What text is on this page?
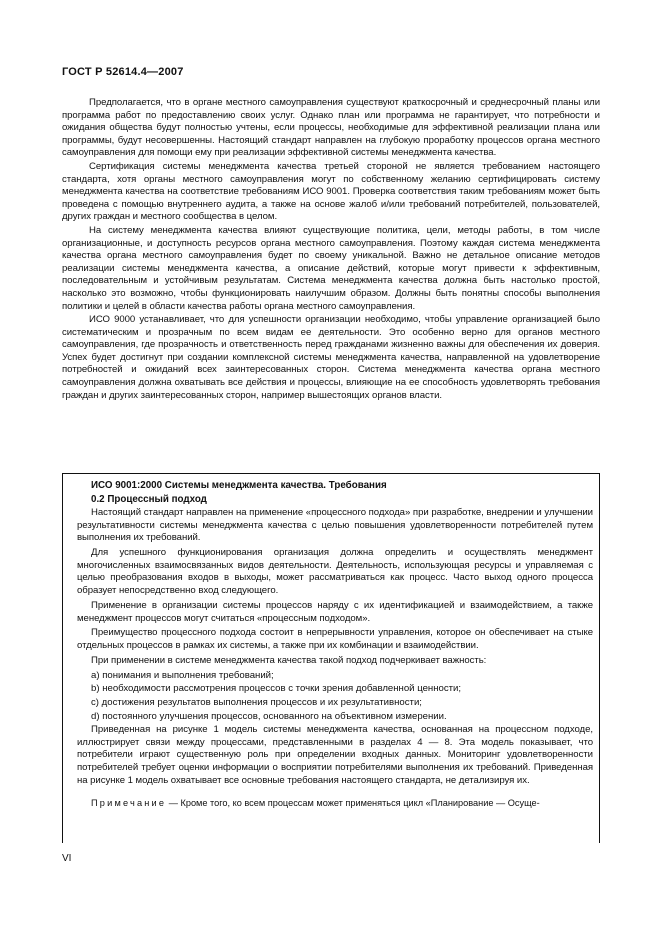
ГОСТ Р 52614.4—2007

Предполагается, что в органе местного самоуправления существуют краткосрочный и среднесрочный планы или программа работ по предоставлению своих услуг. Однако план или программа не гарантирует, что потребности и ожидания общества будут полностью учтены, если процессы, необходимые для эффективной реализации плана или программы, будут несовершенны. Настоящий стандарт направлен на глубокую проработку процессов органа местного самоуправления для помощи ему при реализации эффективной системы менеджмента качества.

Сертификация системы менеджмента качества третьей стороной не является требованием настоящего стандарта, хотя органы местного самоуправления могут по собственному желанию сертифицировать систему менеджмента качества на соответствие требованиям ИСО 9001. Проверка соответствия таким требованиям может быть проведена с помощью внутреннего аудита, а также на основе жалоб и/или требований потребителей, пользователей, других граждан и местного сообщества в целом.

На систему менеджмента качества влияют существующие политика, цели, методы работы, в том числе организационные, и доступность ресурсов органа местного самоуправления. Поэтому каждая система менеджмента качества органа местного самоуправления будет по своему уникальной. Важно не детальное описание методов реализации системы менеджмента качества, а описание действий, которые могут привести к эффективным, последовательным и устойчивым результатам. Система менеджмента качества должна быть настолько простой, насколько это возможно, чтобы функционировать наилучшим образом. Должны быть понятны способы выполнения политики и целей в области качества работы органа местного самоуправления.

ИСО 9000 устанавливает, что для успешности организации необходимо, чтобы управление организацией было систематическим и прозрачным по всем видам ее деятельности. Это особенно верно для органов местного самоуправления, где прозрачность и ответственность перед гражданами жизненно важны для обеспечения их доверия. Успех будет достигнут при создании комплексной системы менеджмента качества, направленной на удовлетворение потребностей и ожиданий всех заинтересованных сторон. Система менеджмента качества органа местного самоуправления должна охватывать все действия и процессы, влияющие на ее способность удовлетворять требования граждан и других заинтересованных сторон, например вышестоящих органов власти.

ИСО 9001:2000 Системы менеджмента качества. Требования
0.2 Процессный подход

Настоящий стандарт направлен на применение «процессного подхода» при разработке, внедрении и улучшении результативности системы менеджмента качества с целью повышения удовлетворенности потребителей путем выполнения их требований.

Для успешного функционирования организация должна определить и осуществлять менеджмент многочисленных взаимосвязанных видов деятельности. Деятельность, использующая ресурсы и управляемая с целью преобразования входов в выходы, может рассматриваться как процесс. Часто выход одного процесса образует непосредственно вход следующего.

Применение в организации системы процессов наряду с их идентификацией и взаимодействием, а также менеджмент процессов могут считаться «процессным подходом».

Преимущество процессного подхода состоит в непрерывности управления, которое он обеспечивает на стыке отдельных процессов в рамках их системы, а также при их комбинации и взаимодействии.

При применении в системе менеджмента качества такой подход подчеркивает важность:

a) понимания и выполнения требований;
b) необходимости рассмотрения процессов с точки зрения добавленной ценности;
c) достижения результатов выполнения процессов и их результативности;
d) постоянного улучшения процессов, основанного на объективном измерении.

Приведенная на рисунке 1 модель системы менеджмента качества, основанная на процессном подходе, иллюстрирует связи между процессами, представленными в разделах 4 — 8. Эта модель показывает, что потребители играют существенную роль при определении входных данных. Мониторинг удовлетворенности потребителей требует оценки информации о восприятии потребителями выполнения их требований. Приведенная на рисунке 1 модель охватывает все основные требования настоящего стандарта, не детализируя их.

Примечание — Кроме того, ко всем процессам может применяться цикл «Планирование — Осуще-

VI
